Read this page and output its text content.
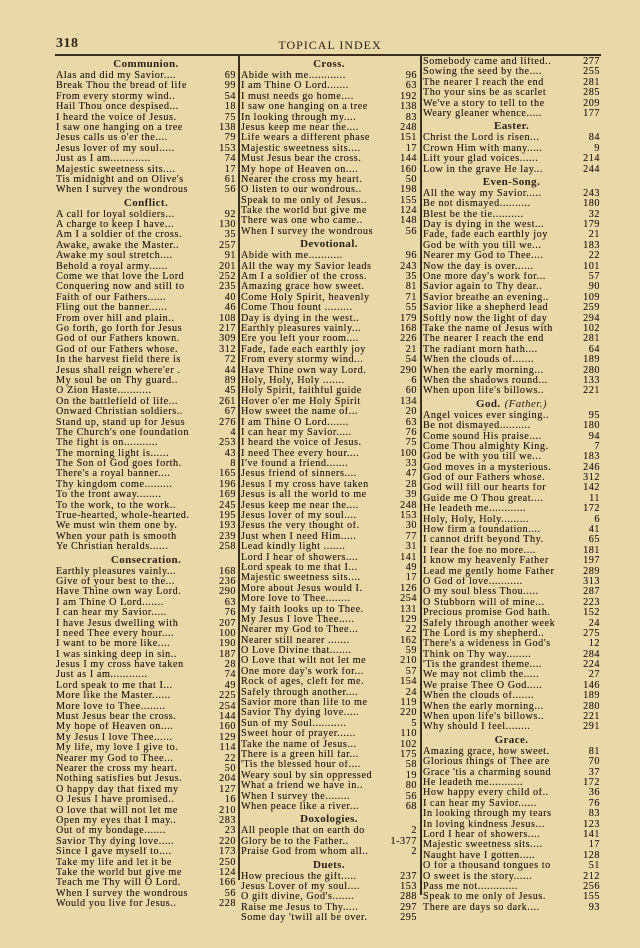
318	TOPICAL INDEX
Communion.
Alas and did my Savior....	69
Break Thou the bread of life	99
From every stormy wind..	54
Hail Thou once despised...	18
I heard the voice of Jesus.	75
I saw one hanging on a tree	138
Jesus calls us o'er the....	79
Jesus lover of my soul.....	153
Just as I am.............	74
Majestic sweetness sits....	17
Tis midnight and on Olive's	61
When I survey the wondrous	56
Conflict.
A call for loyal soldiers...	92
A charge to keep I have...	130
Am I a soldier of the cross.	35
Awake, awake the Master..	257
Awake my soul stretch....	91
Behold a royal army......	201
Come we that love the Lord	252
Conquering now and still to	235
Faith of our Fathers......	40
Fling out the banner......	46
From over hill and plain..	108
Go forth, go forth for Jesus	217
God of our Fathers known.	309
God of our Fathers whose.	312
In the harvest field there is	72
Jesus shall reign where'er .	44
My soul be on Thy guard..	89
O Zion Haste...........	45
On the battlefield of life...	261
Onward Christian soldiers..	67
Stand up, stand up for Jesus	276
The Church's one foundation	4
The fight is on...........	253
The morning light is......	43
The Son of God goes forth.	8
There's a royal banner....	165
Thy kingdom come.........	196
To the front away........	169
To the work, to the work..	245
True-hearted, whole-hearted.	195
We must win them one by.	193
When your path is smooth	239
Ye Christian heralds......	258
Consecration.
Earthly pleasures vainly...	168
Give of your best to the...	236
Have Thine own way Lord.	290
I am Thine O Lord.......	63
I can hear my Savior.....	76
I have Jesus dwelling with	207
I need Thee every hour....	100
I want to be more like....	190
I was sinking deep in sin..	187
Jesus I my cross have taken	28
Just as I am............	74
Lord speak to me that I...	49
More like the Master......	225
More love to Thee........	254
Must Jesus bear the cross.	144
My hope of Heaven on....	160
My Jesus I love Thee......	129
My life, my love I give to.	114
Nearer my God to Thee...	22
Nearer the cross my heart.	50
Nothing satisfies but Jesus.	204
O happy day that fixed my	127
O Jesus I have promised..	16
O love that will not let me	210
Open my eyes that I may..	283
Out of my bondage.......	23
Savior Thy dying love.....	220
Since I gave myself to....	173
Take my life and let it be	250
Take the world but give me	124
Teach me Thy will O Lord.	166
When I survey the wondrous	56
Would you live for Jesus..	228
Cross.
Abide with me............	96
I am Thine O Lord.......	63
I must needs go home....	192
I saw one hanging on a tree	138
In looking through my....	83
Jesus keep me near the....	248
Life wears a different phase	151
Majestic sweetness sits....	17
Must Jesus bear the cross.	144
My hope of Heaven on....	160
Nearer the cross my heart.	50
O listen to our wondrous..	198
Speak to me only of Jesus..	155
Take the world but give me	124
There was one who came..	148
When I survey the wondrous	56
Devotional.
Abide with me...........	96
All the way my Savior leads	243
Am I a soldier of the cross.	35
Amazing grace how sweet.	81
Come Holy Spirit, heavenly	71
Come Thou fount .........	55
Day is dying in the west..	179
Earthly pleasures vainly...	168
Ere you left your room....	226
Fade, fade each earthly joy	21
From every stormy wind...	54
Have Thine own way Lord.	290
Holy, Holy, Holy .......	6
Holy Spirit, faithful guide	60
Hover o'er me Holy Spirit	134
How sweet the name of...	20
I am Thine O Lord.......	63
I can hear my Savior.....	76
I heard the voice of Jesus.	75
I need Thee every hour....	100
I've found a friend.......	33
Jesus friend of sinners....	47
Jesus I my cross have taken	28
Jesus is all the world to me	39
Jesus keep me near the....	248
Jesus lover of my soul....	153
Jesus the very thought of.	30
Just when I need Him.....	77
Lead kindly light .......	31
Lord I hear of showers....	141
Lord speak to me that I...	49
Majestic sweetness sits....	17
More about Jesus would I.	126
More love to Thee........	254
My faith looks up to Thee.	131
My Jesus I love Thee.....	129
Nearer my God to Thee...	22
Nearer still nearer .......	162
O Love Divine that.......	59
O Love that wilt not let me	210
One more day's work for...	57
Rock of ages, cleft for me.	154
Safely through another....	24
Savior more than life to me	119
Savior Thy dying love.....	220
Sun of my Soul...........	5
Sweet hour of prayer......	110
Take the name of Jesus...	102
There is a green hill far...	175
'Tis the blessed hour of....	58
Weary soul by sin oppressed	19
What a friend we have in..	80
When I survey the........	56
When peace like a river...	68
Doxologies.
All people that on earth do	2
Glory be to the Father..	1-377
Praise God from whom all..	2
Duets.
How precious the gift.....	237
Jesus Lover of my soul....	153
O gift divine, God's.......	288
Raise me Jesus to Thy.....	297
Some day 'twill all be over.	295
Somebody came and lifted..	277
Sowing the seed by the....	255
The nearer I reach the end	281
Tho your sins be as scarlet	285
We've a story to tell to the	209
Weary gleaner whence.....	177
Easter.
Christ the Lord is risen...	84
Crown Him with many.....	9
Lift your glad voices......	214
Low in the grave He lay...	244
Even-Song.
All the way my Savior.....	243
Be not dismayed..........	180
Blest be the tie..........	32
Day is dying in the west...	179
Fade, fade each earthly joy	21
God be with you till we...	183
Nearer my God to Thee....	22
Now the day is over......	101
One more day's work for...	57
Savior again to Thy dear..	90
Savior breathe an evening..	109
Savior like a shepherd lead	259
Softly now the light of day	294
Take the name of Jesus with	102
The nearer I reach the end	281
The radiant morn hath....	64
When the clouds of.......	189
When the early morning...	280
When the shadows round...	133
When upon life's billows..	221
God. (Father.)
Angel voices ever singing..	95
Be not dismayed..........	180
Come sound His praise....	94
Come Thou almighty King.	7
God be with you till we...	183
God moves in a mysterious.	246
God of our Fathers whose.	312
God will fill our hearts for	142
Guide me O Thou great....	11
He leadeth me............	172
Holy, Holy, Holy.........	6
How firm a foundation....	41
I cannot drift beyond Thy.	65
I fear the foe no more....	181
I know my heavenly Father	197
Lead me gently home Father	289
O God of love...........	313
O my soul bless Thou.....	287
O Stubborn will of mine...	223
Precious promise God hath.	152
Safely through another week	24
The Lord is my shepherd..	275
There's a wideness in God's	12
Think on Thy way........	284
'Tis the grandest theme....	224
We may not climb the.....	27
We praise Thee O God.....	146
When the clouds of.......	189
When the early morning...	280
When upon life's billows..	221
Why should I feel........	291
Grace.
Amazing grace, how sweet.	81
Glorious things of Thee are	70
Grace 'tis a charming sound	37
He leadeth me...........	172
How happy every child of..	36
I can hear my Savior......	76
In looking through my tears	83
In loving kindness Jesus...	123
Lord I hear of showers....	141
Majestic sweetness sits....	17
Naught have I gotten.....	128
O for a thousand tongues to	51
O sweet is the story......	212
Pass me not.............	256
Speak to me only of Jesus.	155
There are days so dark....	93
